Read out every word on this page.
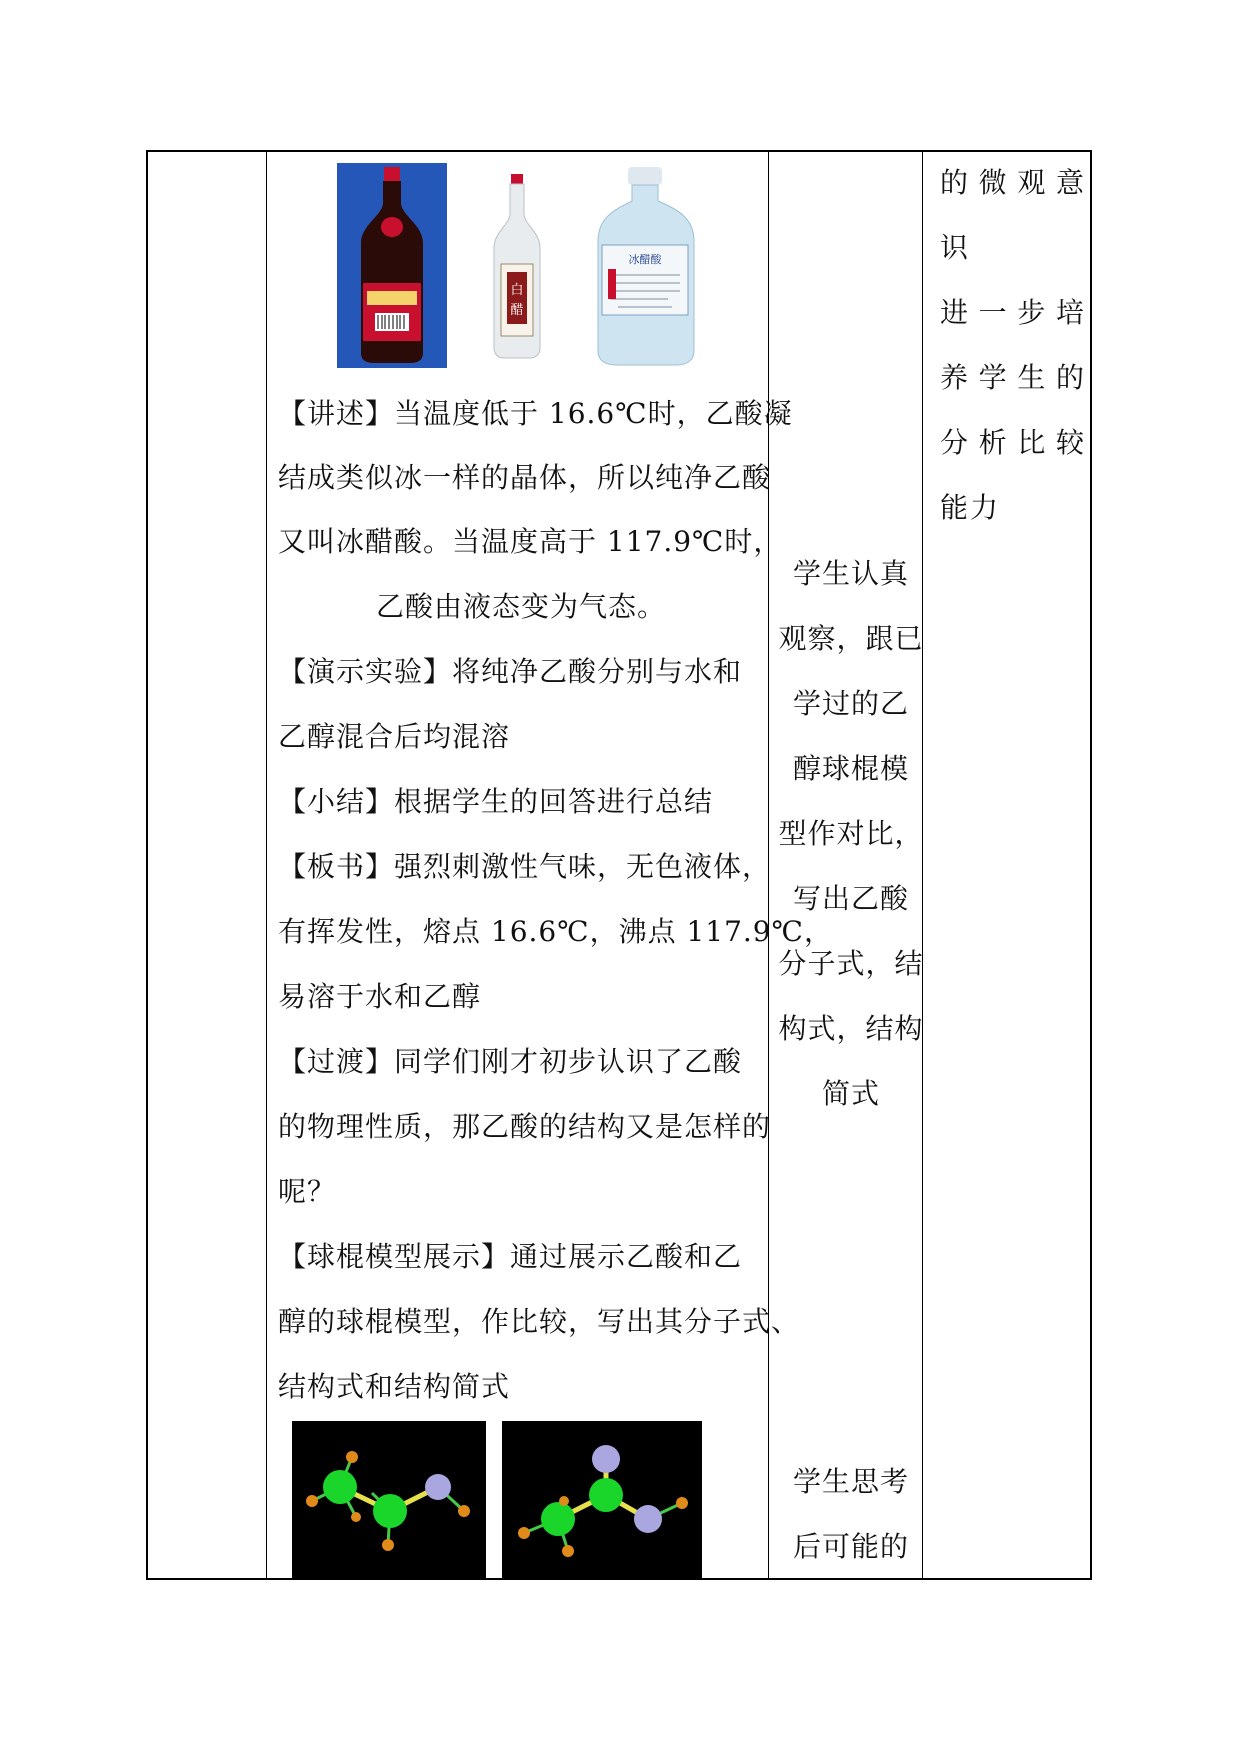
白
醋
冰醋酸
【讲述】当温度低于 16.6℃时，乙酸凝
结成类似冰一样的晶体，所以纯净乙酸
又叫冰醋酸。当温度高于 117.9℃时，
乙酸由液态变为气态。
【演示实验】将纯净乙酸分别与水和
乙醇混合后均混溶
【小结】根据学生的回答进行总结
【板书】强烈刺激性气味，无色液体，
有挥发性，熔点 16.6℃，沸点 117.9℃，
易溶于水和乙醇
【过渡】同学们刚才初步认识了乙酸
的物理性质，那乙酸的结构又是怎样的
呢？
【球棍模型展示】通过展示乙酸和乙
醇的球棍模型，作比较，写出其分子式、
结构式和结构简式
学生认真
观察，跟已
学过的乙
醇球棍模
型作对比，
写出乙酸
分子式，结
构式，结构
简式
学生思考
后可能的
的微观意
识
进一步培
养学生的
分析比较
能力
